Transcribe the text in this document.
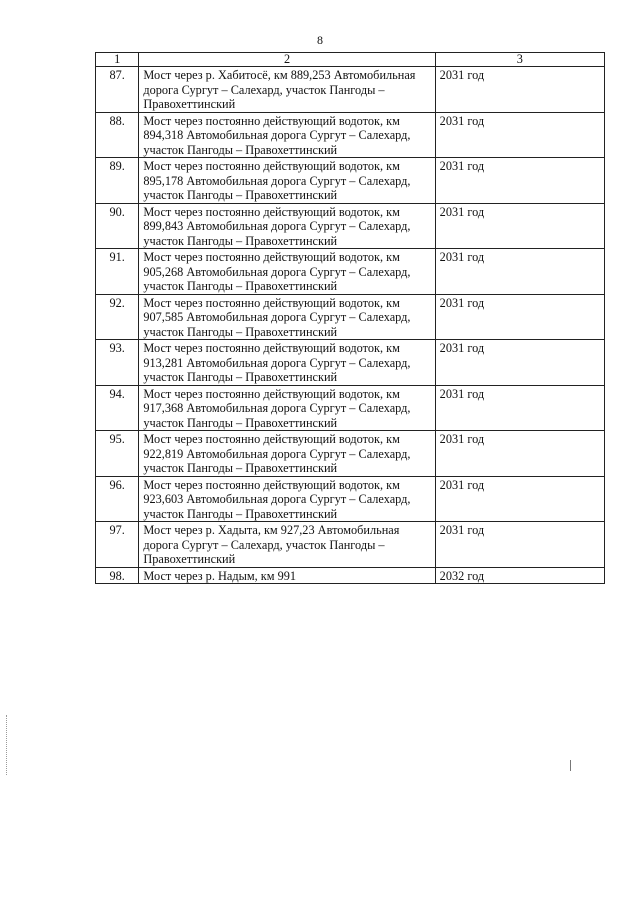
8
1	2	3
87.	Мост через р. Хабитосё, км 889,253 Автомобильная дорога Сургут – Салехард, участок Пангоды – Правохеттинский	2031 год
88.	Мост через постоянно действующий водоток, км 894,318 Автомобильная дорога Сургут – Салехард, участок Пангоды – Правохеттинский	2031 год
89.	Мост через постоянно действующий водоток, км 895,178 Автомобильная дорога Сургут – Салехард, участок Пангоды – Правохеттинский	2031 год
90.	Мост через постоянно действующий водоток, км 899,843 Автомобильная дорога Сургут – Салехард, участок Пангоды – Правохеттинский	2031 год
91.	Мост через постоянно действующий водоток, км 905,268 Автомобильная дорога Сургут – Салехард, участок Пангоды – Правохеттинский	2031 год
92.	Мост через постоянно действующий водоток, км 907,585 Автомобильная дорога Сургут – Салехард, участок Пангоды – Правохеттинский	2031 год
93.	Мост через постоянно действующий водоток, км 913,281 Автомобильная дорога Сургут – Салехард, участок Пангоды – Правохеттинский	2031 год
94.	Мост через постоянно действующий водоток, км 917,368 Автомобильная дорога Сургут – Салехард, участок Пангоды – Правохеттинский	2031 год
95.	Мост через постоянно действующий водоток, км 922,819 Автомобильная дорога Сургут – Салехард, участок Пангоды – Правохеттинский	2031 год
96.	Мост через постоянно действующий водоток, км 923,603 Автомобильная дорога Сургут – Салехард, участок Пангоды – Правохеттинский	2031 год
97.	Мост через р. Хадыта, км 927,23 Автомобильная дорога Сургут – Салехард, участок Пангоды –Правохеттинский	2031 год
98.	Мост через р. Надым, км 991	2032 год
